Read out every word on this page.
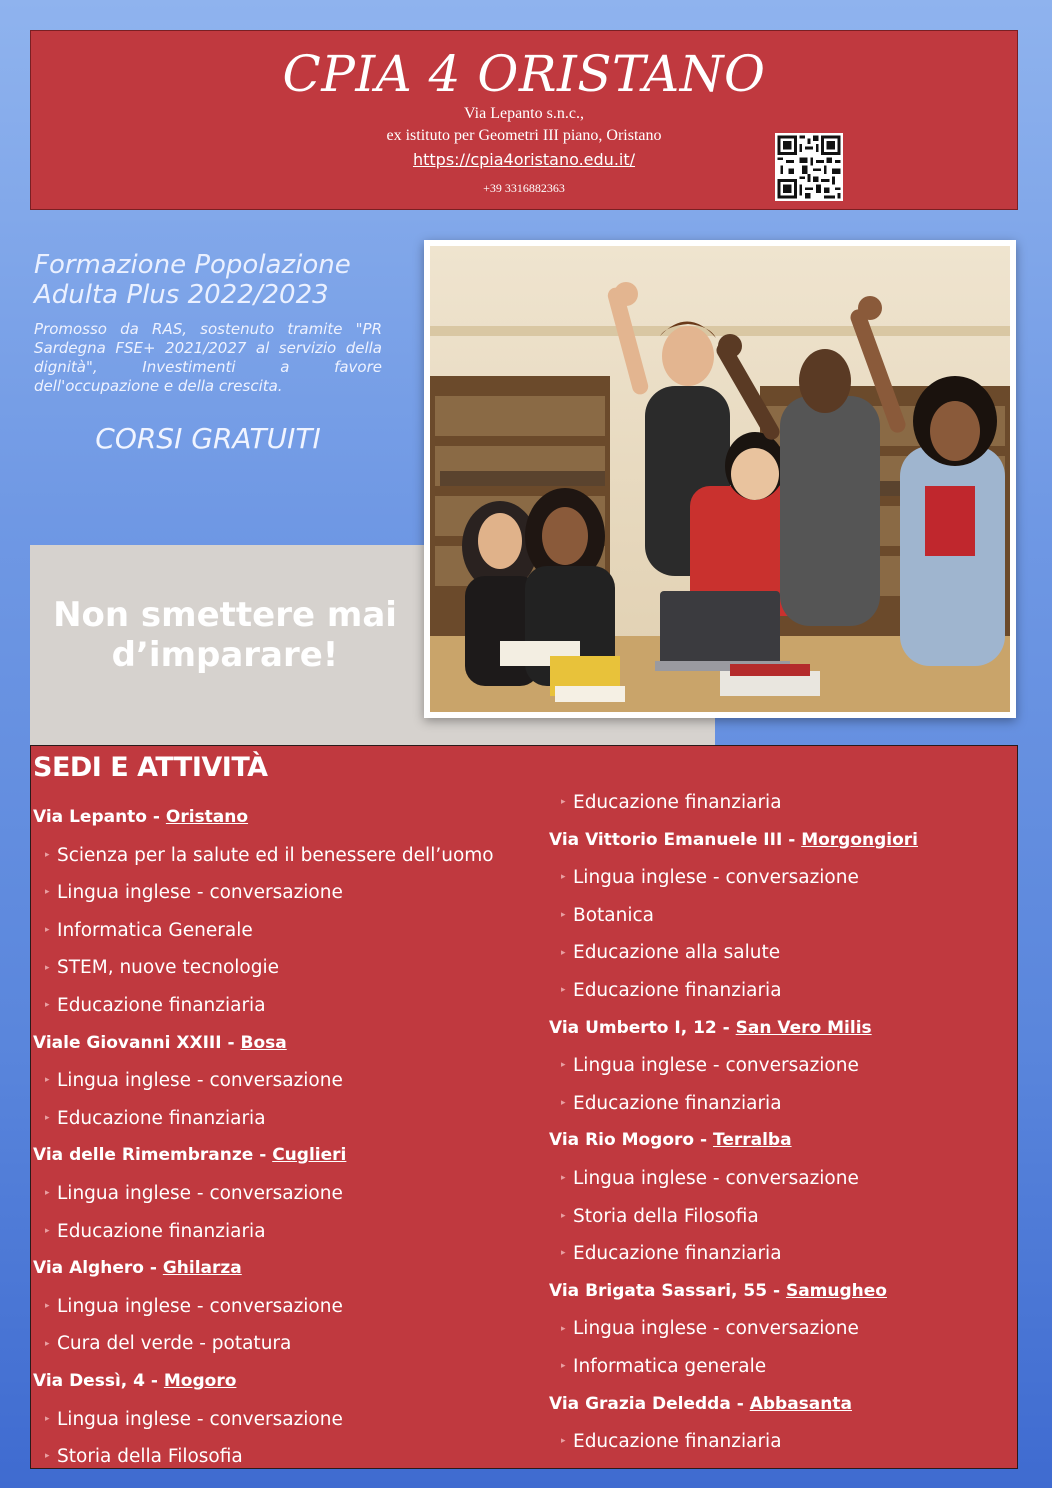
CPIA 4 ORISTANO
Via Lepanto s.n.c.,
ex istituto per Geometri III piano, Oristano
https://cpia4oristano.edu.it/
+39 3316882363
Formazione Popolazione Adulta Plus 2022/2023
Promosso da RAS, sostenuto tramite "PR Sardegna FSE+ 2021/2027 al servizio della dignità", Investimenti a favore dell'occupazione e della crescita.
CORSI GRATUITI
Non smettere mai d’imparare!
SEDI E ATTIVITÀ
Via Lepanto - Oristano
▸ Scienza per la salute ed il benessere dell’uomo
▸ Lingua inglese - conversazione
▸ Informatica Generale
▸ STEM, nuove tecnologie
▸ Educazione finanziaria
Viale Giovanni XXIII - Bosa
▸ Lingua inglese - conversazione
▸ Educazione finanziaria
Via delle Rimembranze - Cuglieri
▸ Lingua inglese - conversazione
▸ Educazione finanziaria
Via Alghero - Ghilarza
▸ Lingua inglese - conversazione
▸ Cura del verde - potatura
Via Dessì, 4 - Mogoro
▸ Lingua inglese - conversazione
▸ Storia della Filosofia
▸ Educazione finanziaria
Via Vittorio Emanuele III - Morgongiori
▸ Lingua inglese - conversazione
▸ Botanica
▸ Educazione alla salute
▸ Educazione finanziaria
Via Umberto I, 12 - San Vero Milis
▸ Lingua inglese - conversazione
▸ Educazione finanziaria
Via Rio Mogoro - Terralba
▸ Lingua inglese - conversazione
▸ Storia della Filosofia
▸ Educazione finanziaria
Via Brigata Sassari, 55 - Samugheo
▸ Lingua inglese - conversazione
▸ Informatica generale
Via Grazia Deledda - Abbasanta
▸ Educazione finanziaria
